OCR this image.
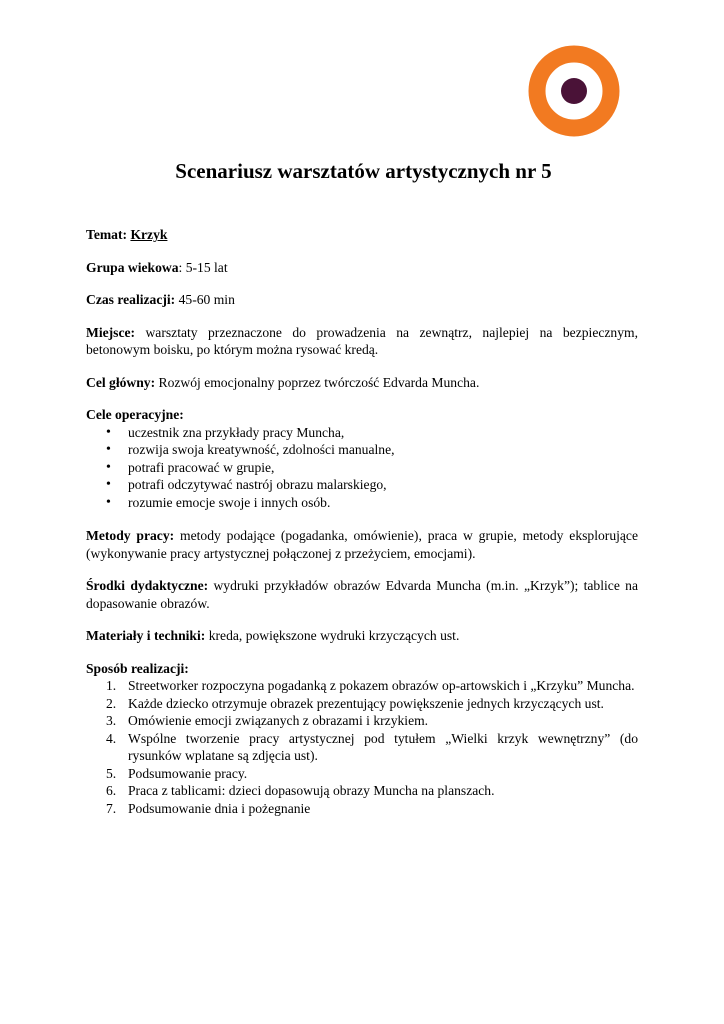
Scenariusz warsztatów artystycznych nr 5

Temat: Krzyk

Grupa wiekowa: 5-15 lat

Czas realizacji: 45-60 min

Miejsce: warsztaty przeznaczone do prowadzenia na zewnątrz, najlepiej na bezpiecznym, betonowym boisku, po którym można rysować kredą.

Cel główny: Rozwój emocjonalny poprzez twórczość Edvarda Muncha.

Cele operacyjne:
• uczestnik zna przykłady pracy Muncha,
• rozwija swoja kreatywność, zdolności manualne,
• potrafi pracować w grupie,
• potrafi odczytywać nastrój obrazu malarskiego,
• rozumie emocje swoje i innych osób.

Metody pracy: metody podające (pogadanka, omówienie), praca w grupie, metody eksplorujące (wykonywanie pracy artystycznej połączonej z przeżyciem, emocjami).

Środki dydaktyczne: wydruki przykładów obrazów Edvarda Muncha (m.in. „Krzyk”); tablice na dopasowanie obrazów.

Materiały i techniki: kreda, powiększone wydruki krzyczących ust.

Sposób realizacji:
1. Streetworker rozpoczyna pogadanką z pokazem obrazów op-artowskich i „Krzyku” Muncha.
2. Każde dziecko otrzymuje obrazek prezentujący powiększenie jednych krzyczących ust.
3. Omówienie emocji związanych z obrazami i krzykiem.
4. Wspólne tworzenie pracy artystycznej pod tytułem „Wielki krzyk wewnętrzny” (do rysunków wplatane są zdjęcia ust).
5. Podsumowanie pracy.
6. Praca z tablicami: dzieci dopasowują obrazy Muncha na planszach.
7. Podsumowanie dnia i pożegnanie
